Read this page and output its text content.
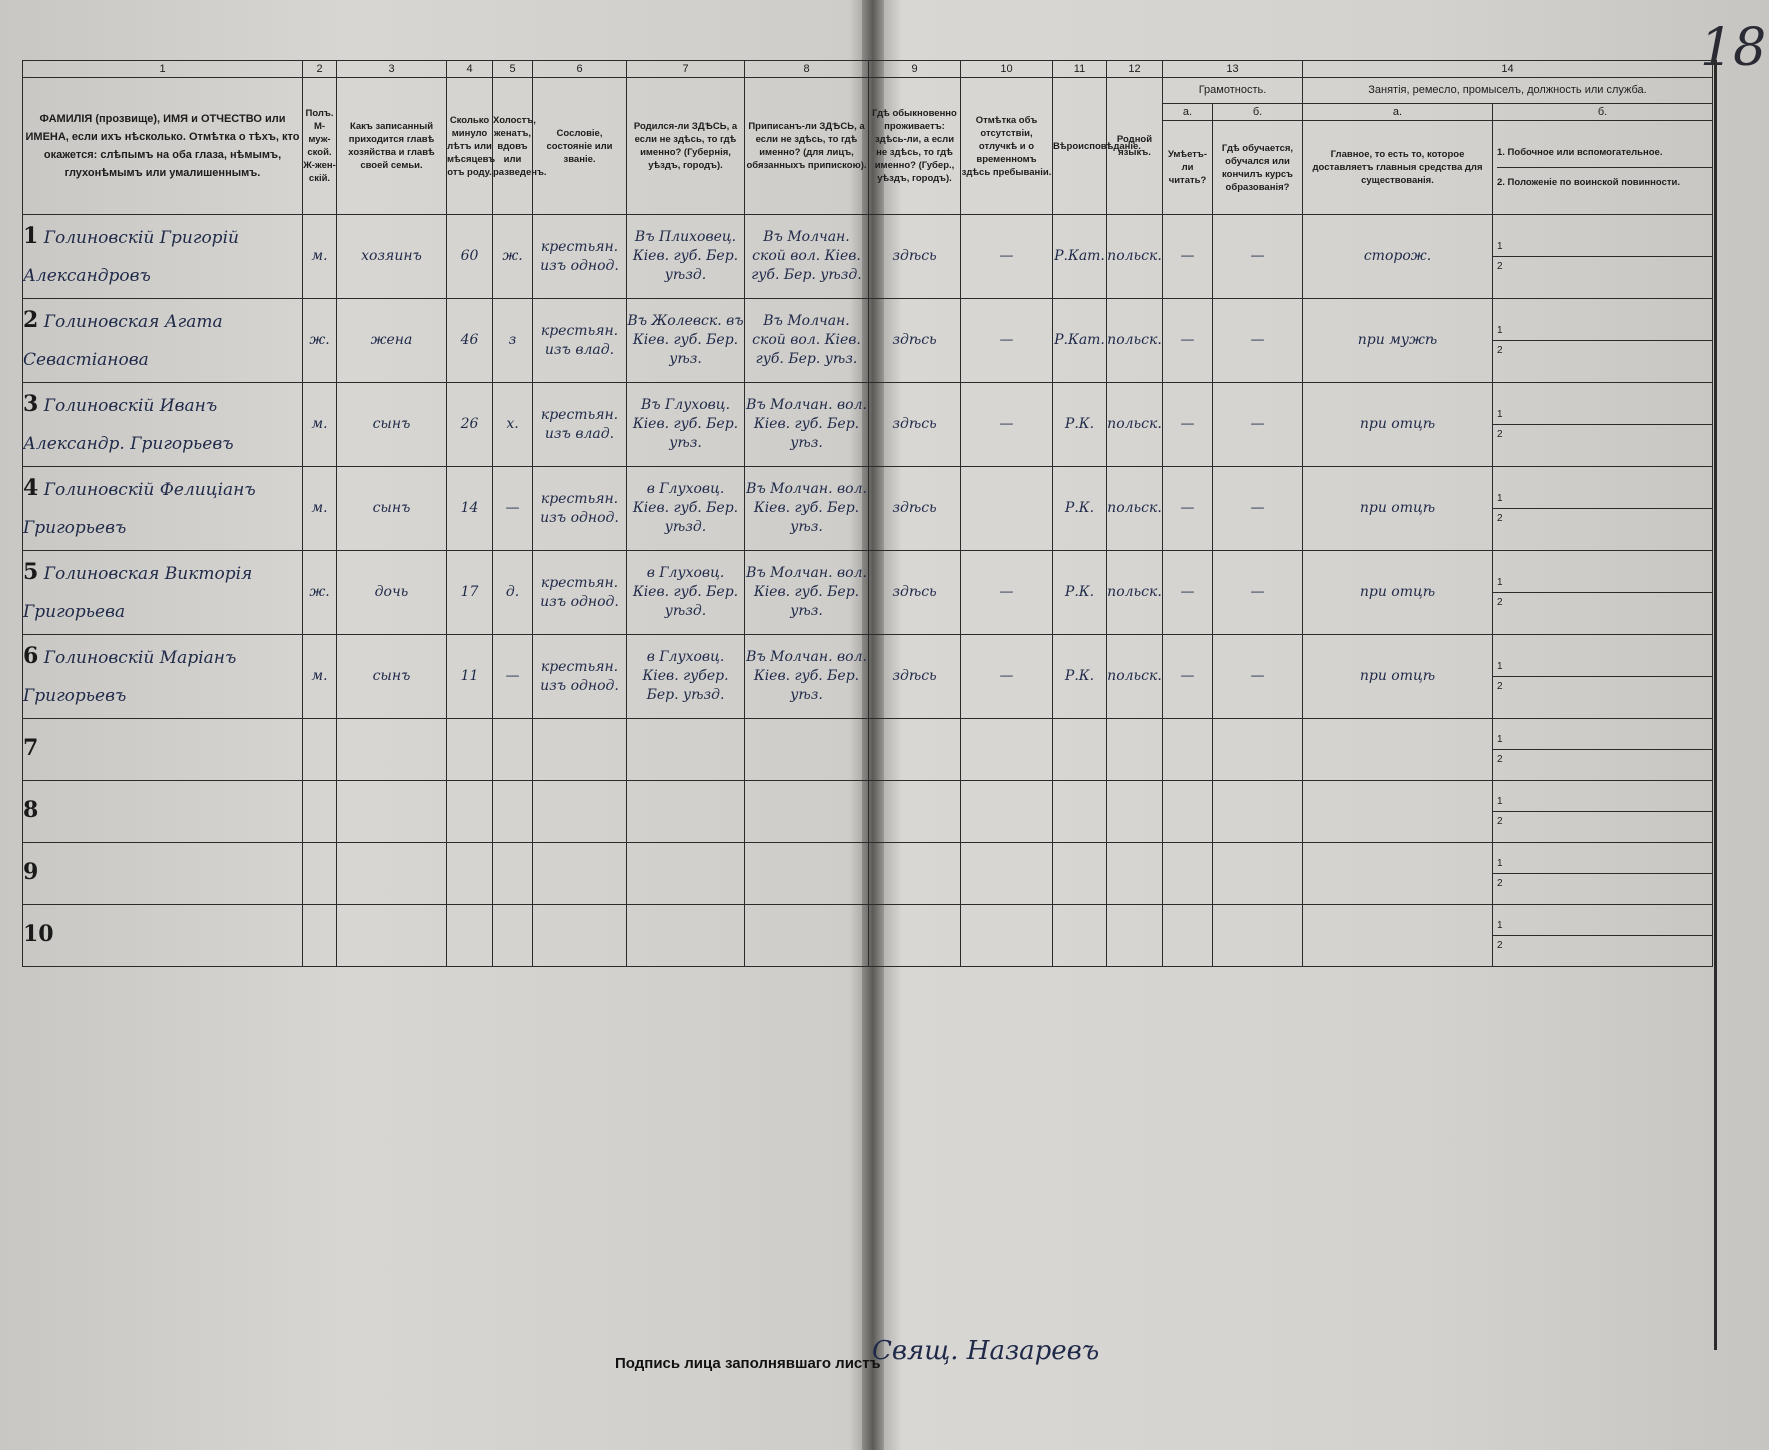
18
1	2	3	4	5	6	7	8	9	10	11	12	13		14	
ФАМИЛІЯ (прозвище), ИМЯ и ОТЧЕСТВО или ИМЕНА, если ихъ нѣсколько. Отмѣтка о тѣхъ, кто окажется: слѣпымъ на оба глаза, нѣмымъ, глухонѣмымъ или умалишеннымъ.	Полъ. М-муж-ской. Ж-жен-скій.	Какъ записанный приходится главѣ хозяйства и главѣ своей семьи.	Сколько минуло лѣтъ или мѣсяцевъ отъ роду.	Холостъ, женатъ, вдовъ или разведенъ.	Сословіе, состояніе или званіе.	Родился-ли ЗДѢСЬ, а если не здѣсь, то гдѣ именно? (Губернія, уѣздъ, городъ).	Приписанъ-ли ЗДѢСЬ, а если не здѣсь, то гдѣ именно? (для лицъ, обязанныхъ припискою).	Гдѣ обыкновенно проживаетъ: здѣсь-ли, а если не здѣсь, то гдѣ именно? (Губер., уѣздъ, городъ).	Отмѣтка объ отсутствіи, отлучкѣ и о временномъ здѣсь пребываніи.	Вѣроисповѣданіе.	Родной языкъ.	Грамотность.		Занятія, ремесло, промыселъ, должность или служба.	
												а.	б.	а.	б.
												Умѣетъ-ли читать?	Гдѣ обучается, обучался или кончилъ курсъ образованія?	Главное, то есть то, которое доставляетъ главныя средства для существованія.	1. Побочное или вспомогательное.
2. Положеніе по воинской повинности.

1 Голиновскій Григорій Александровъ	м.	хозяинъ	60	ж.	крестьян. изъ однод.	Въ Плиховец. Кіев. губ. Бер. уѣзд.	Въ Молчан. ской вол. Кіев. губ. Бер. уѣзд.	здѣсь	—	Р.Кат.	польск.	—	—	сторож.	1
2

2 Голиновская Агата Севастіанова	ж.	жена	46	з	крестьян. изъ влад.	Въ Жолевск. въ Кіев. губ. Бер. уѣз.	Въ Молчан. ской вол. Кіев. губ. Бер. уѣз.	здѣсь	—	Р.Кат.	польск.	—	—	при мужѣ	1
2

3 Голиновскій Иванъ Александр. Григорьевъ	м.	сынъ	26	х.	крестьян. изъ влад.	Въ Глуховц. Кіев. губ. Бер. уѣз.	Въ Молчан. вол. Кіев. губ. Бер. уѣз.	здѣсь	—	Р.К.	польск.	—	—	при отцѣ	1
2

4 Голиновскій Фелиціанъ Григорьевъ	м.	сынъ	14	—	крестьян. изъ однод.	в Глуховц. Кіев. губ. Бер. уѣзд.	Въ Молчан. вол. Кіев. губ. Бер. уѣз.	здѣсь		Р.К.	польск.	—	—	при отцѣ	1
2

5 Голиновская Викторія Григорьева	ж.	дочь	17	д.	крестьян. изъ однод.	в Глуховц. Кіев. губ. Бер. уѣзд.	Въ Молчан. вол. Кіев. губ. Бер. уѣз.	здѣсь	—	Р.К.	польск.	—	—	при отцѣ	1
2

6 Голиновскій Маріанъ Григорьевъ	м.	сынъ	11	—	крестьян. изъ однод.	в Глуховц. Кіев. губер. Бер. уѣзд.	Въ Молчан. вол. Кіев. губ. Бер. уѣз.	здѣсь	—	Р.К.	польск.	—	—	при отцѣ	1
2

7															1
2

8															1
2

9															1
2

10															1
2
Подпись лица заполнявшаго листъ
Свящ. Назаревъ
